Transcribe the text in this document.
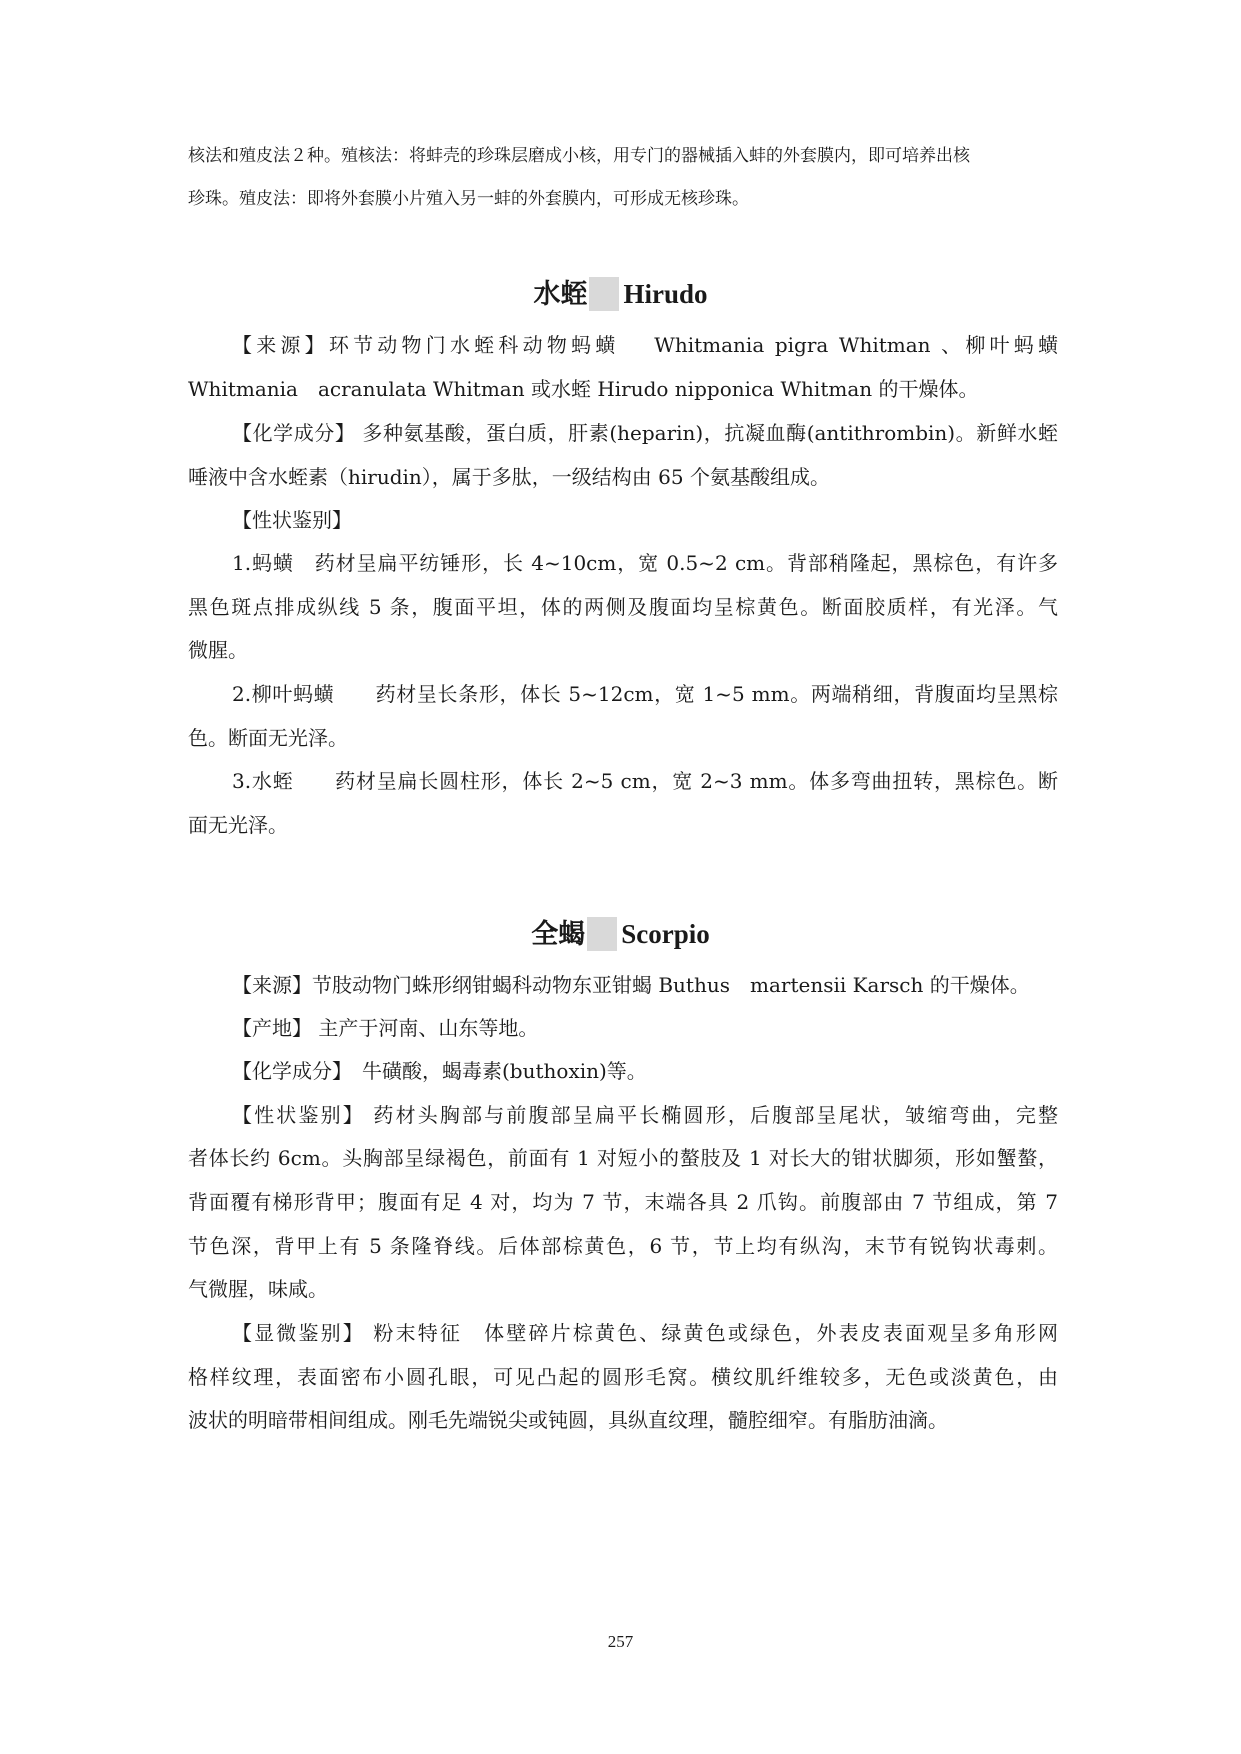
核法和殖皮法２种。殖核法：将蚌壳的珍珠层磨成小核，用专门的器械插入蚌的外套膜内，即可培养出核
珍珠。殖皮法：即将外套膜小片殖入另一蚌的外套膜内，可形成无核珍珠。
水蛭 Hirudo
【来源】环节动物门水蛭科动物蚂蟥　 Whitmania pigra Whitman 、柳叶蚂蟥
Whitmania　acranulata Whitman 或水蛭 Hirudo nipponica Whitman 的干燥体。
【化学成分】 多种氨基酸，蛋白质，肝素(heparin)，抗凝血酶(antithrombin)。新鲜水蛭
唾液中含水蛭素（hirudin），属于多肽，一级结构由 65 个氨基酸组成。
【性状鉴别】
1.蚂蟥　药材呈扁平纺锤形，长 4~10cm，宽 0.5~2 cm。背部稍隆起，黑棕色，有许多
黑色斑点排成纵线 5 条，腹面平坦，体的两侧及腹面均呈棕黄色。断面胶质样，有光泽。气
微腥。
2.柳叶蚂蟥　　药材呈长条形，体长 5~12cm，宽 1~5 mm。两端稍细，背腹面均呈黑棕
色。断面无光泽。
3.水蛭　　药材呈扁长圆柱形，体长 2~5 cm，宽 2~3 mm。体多弯曲扭转，黑棕色。断
面无光泽。
全蝎 Scorpio
【来源】节肢动物门蛛形纲钳蝎科动物东亚钳蝎 Buthus　martensii Karsch 的干燥体。
【产地】 主产于河南、山东等地。
【化学成分】　牛磺酸，蝎毒素(buthoxin)等。
【性状鉴别】 药材头胸部与前腹部呈扁平长椭圆形，后腹部呈尾状，皱缩弯曲，完整
者体长约 6cm。头胸部呈绿褐色，前面有 1 对短小的螯肢及 1 对长大的钳状脚须，形如蟹螯，
背面覆有梯形背甲；腹面有足 4 对，均为 7 节，末端各具 2 爪钩。前腹部由 7 节组成，第 7
节色深，背甲上有 5 条隆脊线。后体部棕黄色，6 节，节上均有纵沟，末节有锐钩状毒刺。
气微腥，味咸。
【显微鉴别】 粉末特征　体壁碎片棕黄色、绿黄色或绿色，外表皮表面观呈多角形网
格样纹理，表面密布小圆孔眼，可见凸起的圆形毛窝。横纹肌纤维较多，无色或淡黄色，由
波状的明暗带相间组成。刚毛先端锐尖或钝圆，具纵直纹理，髓腔细窄。有脂肪油滴。
257
